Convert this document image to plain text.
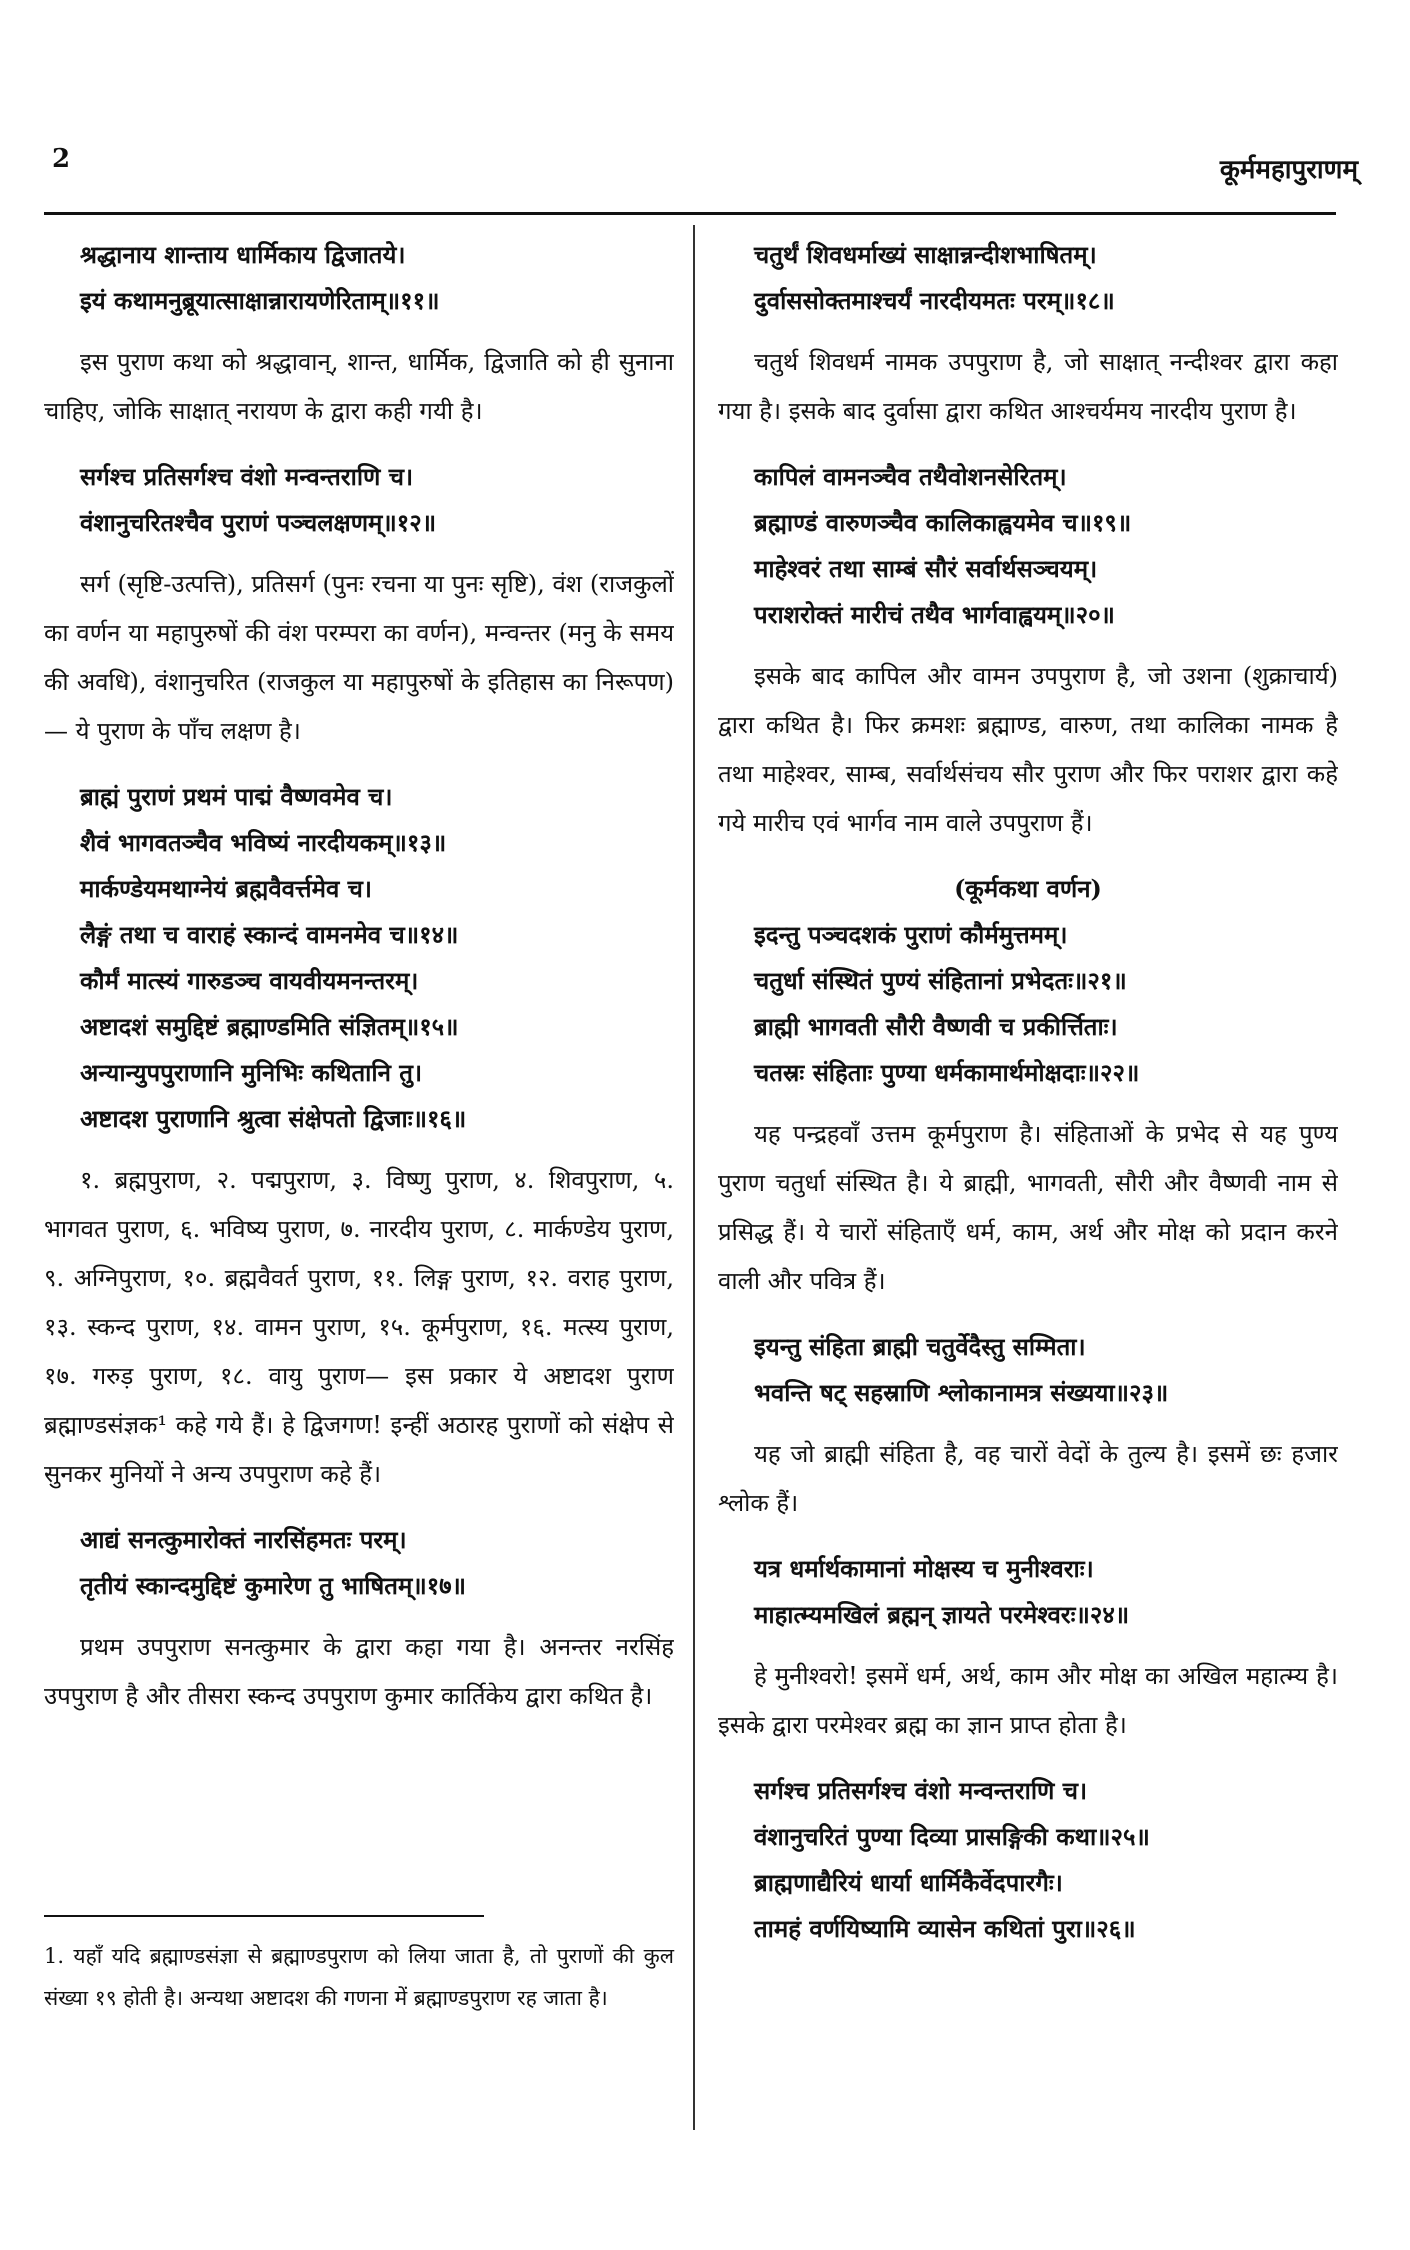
2	कूर्ममहापुराणम्
श्रद्धानाय शान्ताय धार्मिकाय द्विजातये।
इयं कथामनुब्रूयात्साक्षान्नारायणेरिताम्॥११॥

इस पुराण कथा को श्रद्धावान्, शान्त, धार्मिक, द्विजाति को ही सुनाना चाहिए, जोकि साक्षात् नरायण के द्वारा कही गयी है।

सर्गश्च प्रतिसर्गश्च वंशो मन्वन्तराणि च।
वंशानुचरितश्चैव पुराणं पञ्चलक्षणम्॥१२॥

सर्ग (सृष्टि-उत्पत्ति), प्रतिसर्ग (पुनः रचना या पुनः सृष्टि), वंश (राजकुलों का वर्णन या महापुरुषों की वंश परम्परा का वर्णन), मन्वन्तर (मनु के समय की अवधि), वंशानुचरित (राजकुल या महापुरुषों के इतिहास का निरूपण)— ये पुराण के पाँच लक्षण है।

ब्राह्मं पुराणं प्रथमं पाद्मं वैष्णवमेव च।
शैवं भागवतञ्चैव भविष्यं नारदीयकम्॥१३॥
मार्कण्डेयमथाग्नेयं ब्रह्मवैवर्त्तमेव च।
लैङ्गं तथा च वाराहं स्कान्दं वामनमेव च॥१४॥
कौर्मं मात्स्यं गारुडञ्च वायवीयमनन्तरम्।
अष्टादशं समुद्दिष्टं ब्रह्माण्डमिति संज्ञितम्॥१५॥
अन्यान्युपपुराणानि मुनिभिः कथितानि तु।
अष्टादश पुराणानि श्रुत्वा संक्षेपतो द्विजाः॥१६॥

१. ब्रह्मपुराण, २. पद्मपुराण, ३. विष्णु पुराण, ४. शिवपुराण, ५. भागवत पुराण, ६. भविष्य पुराण, ७. नारदीय पुराण, ८. मार्कण्डेय पुराण, ९. अग्निपुराण, १०. ब्रह्मवैवर्त पुराण, ११. लिङ्ग पुराण, १२. वराह पुराण, १३. स्कन्द पुराण, १४. वामन पुराण, १५. कूर्मपुराण, १६. मत्स्य पुराण, १७. गरुड़ पुराण, १८. वायु पुराण— इस प्रकार ये अष्टादश पुराण ब्रह्माण्डसंज्ञक¹ कहे गये हैं। हे द्विजगण! इन्हीं अठारह पुराणों को संक्षेप से सुनकर मुनियों ने अन्य उपपुराण कहे हैं।

आद्यं सनत्कुमारोक्तं नारसिंहमतः परम्।
तृतीयं स्कान्दमुद्दिष्टं कुमारेण तु भाषितम्॥१७॥

प्रथम उपपुराण सनत्कुमार के द्वारा कहा गया है। अनन्तर नरसिंह उपपुराण है और तीसरा स्कन्द उपपुराण कुमार कार्तिकेय द्वारा कथित है।

1. यहाँ यदि ब्रह्माण्डसंज्ञा से ब्रह्माण्डपुराण को लिया जाता है, तो पुराणों की कुल संख्या १९ होती है। अन्यथा अष्टादश की गणना में ब्रह्माण्डपुराण रह जाता है।
चतुर्थं शिवधर्माख्यं साक्षान्नन्दीशभाषितम्।
दुर्वाससोक्तमाश्चर्यं नारदीयमतः परम्॥१८॥

चतुर्थ शिवधर्म नामक उपपुराण है, जो साक्षात् नन्दीश्वर द्वारा कहा गया है। इसके बाद दुर्वासा द्वारा कथित आश्चर्यमय नारदीय पुराण है।

कापिलं वामनञ्चैव तथैवोशनसेरितम्।
ब्रह्माण्डं वारुणञ्चैव कालिकाह्वयमेव च॥१९॥
माहेश्वरं तथा साम्बं सौरं सर्वार्थसञ्चयम्।
पराशरोक्तं मारीचं तथैव भार्गवाह्वयम्॥२०॥

इसके बाद कापिल और वामन उपपुराण है, जो उशना (शुक्राचार्य) द्वारा कथित है। फिर क्रमशः ब्रह्माण्ड, वारुण, तथा कालिका नामक है तथा माहेश्वर, साम्ब, सर्वार्थसंचय सौर पुराण और फिर पराशर द्वारा कहे गये मारीच एवं भार्गव नाम वाले उपपुराण हैं।

(कूर्मकथा वर्णन)

इदन्तु पञ्चदशकं पुराणं कौर्ममुत्तमम्।
चतुर्धा संस्थितं पुण्यं संहितानां प्रभेदतः॥२१॥
ब्राह्मी भागवती सौरी वैष्णवी च प्रकीर्त्तिताः।
चतस्रः संहिताः पुण्या धर्मकामार्थमोक्षदाः॥२२॥

यह पन्द्रहवाँ उत्तम कूर्मपुराण है। संहिताओं के प्रभेद से यह पुण्य पुराण चतुर्धा संस्थित है। ये ब्राह्मी, भागवती, सौरी और वैष्णवी नाम से प्रसिद्ध हैं। ये चारों संहिताएँ धर्म, काम, अर्थ और मोक्ष को प्रदान करने वाली और पवित्र हैं।

इयन्तु संहिता ब्राह्मी चतुर्वेदैस्तु सम्मिता।
भवन्ति षट् सहस्राणि श्लोकानामत्र संख्यया॥२३॥

यह जो ब्राह्मी संहिता है, वह चारों वेदों के तुल्य है। इसमें छः हजार श्लोक हैं।

यत्र धर्मार्थकामानां मोक्षस्य च मुनीश्वराः।
माहात्म्यमखिलं ब्रह्मन् ज्ञायते परमेश्वरः॥२४॥

हे मुनीश्वरो! इसमें धर्म, अर्थ, काम और मोक्ष का अखिल महात्म्य है। इसके द्वारा परमेश्वर ब्रह्म का ज्ञान प्राप्त होता है।

सर्गश्च प्रतिसर्गश्च वंशो मन्वन्तराणि च।
वंशानुचरितं पुण्या दिव्या प्रासङ्गिकी कथा॥२५॥
ब्राह्मणाद्यैरियं धार्या धार्मिकैर्वेदपारगैः।
तामहं वर्णयिष्यामि व्यासेन कथितां पुरा॥२६॥
